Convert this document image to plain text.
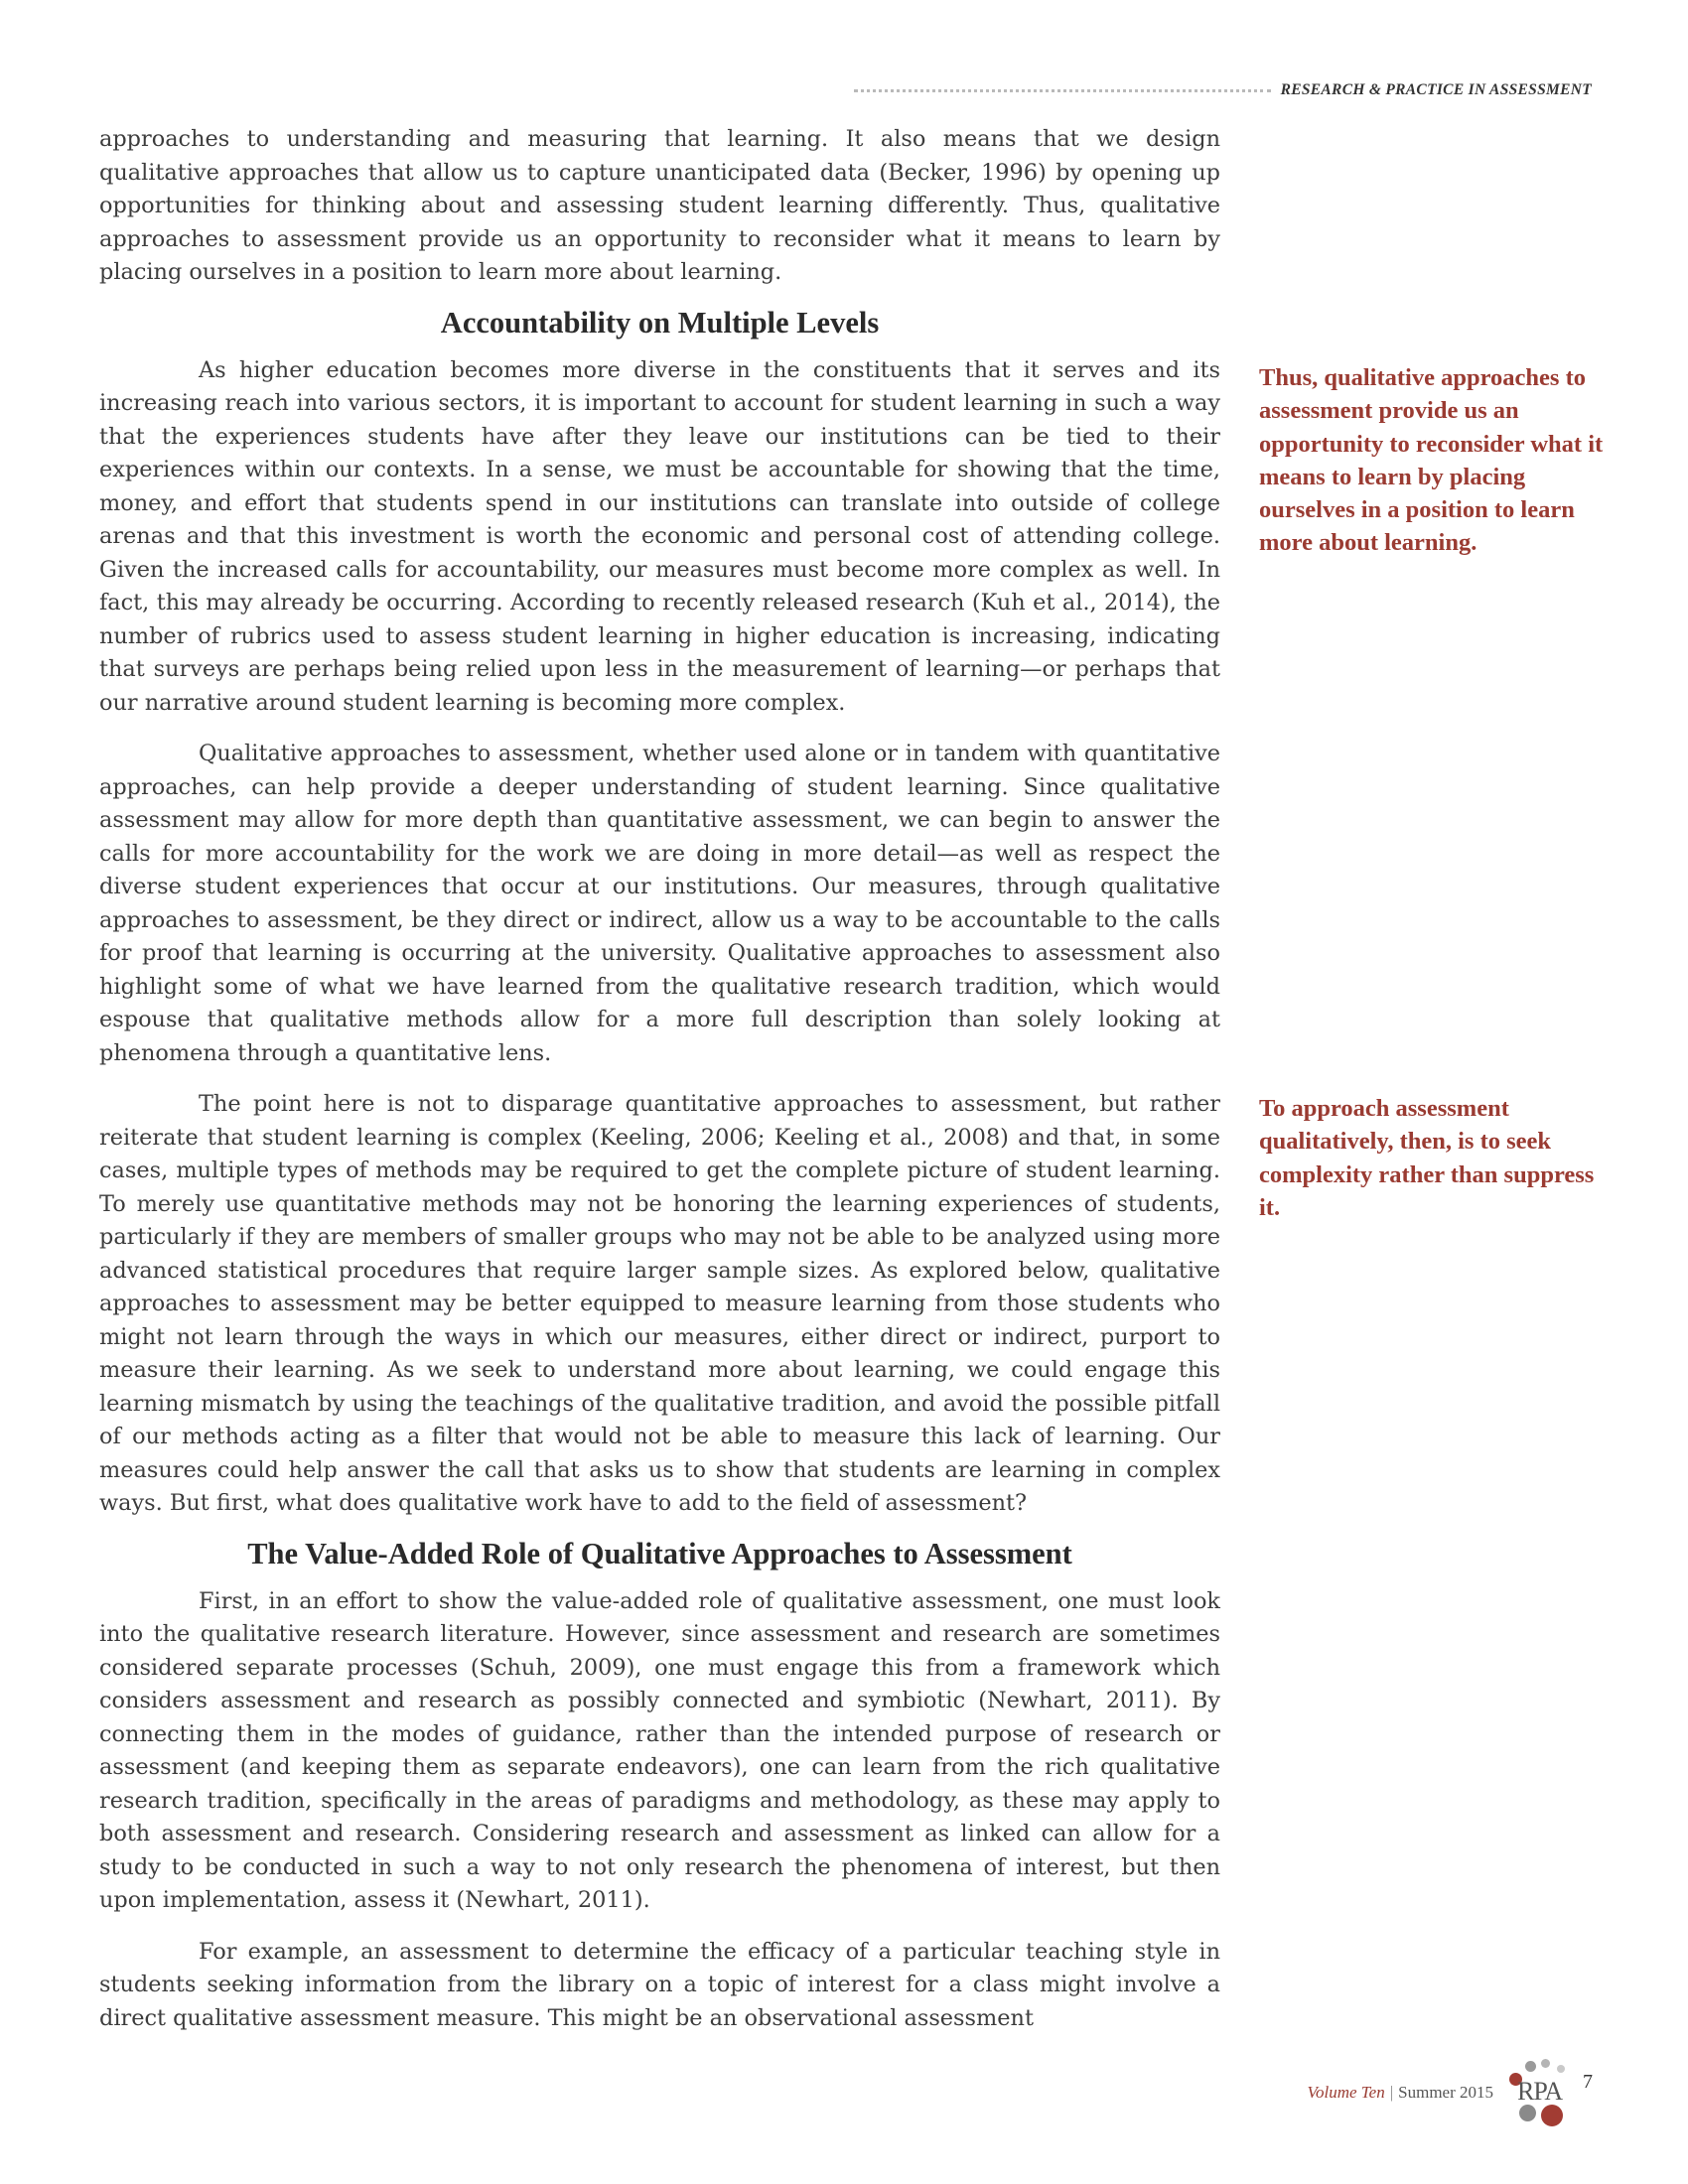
RESEARCH & PRACTICE IN ASSESSMENT

approaches to understanding and measuring that learning. It also means that we design qualitative approaches that allow us to capture unanticipated data (Becker, 1996) by opening up opportunities for thinking about and assessing student learning differently. Thus, qualitative approaches to assessment provide us an opportunity to reconsider what it means to learn by placing ourselves in a position to learn more about learning.

Accountability on Multiple Levels

As higher education becomes more diverse in the constituents that it serves and its increasing reach into various sectors, it is important to account for student learning in such a way that the experiences students have after they leave our institutions can be tied to their experiences within our contexts. In a sense, we must be accountable for showing that the time, money, and effort that students spend in our institutions can translate into outside of college arenas and that this investment is worth the economic and personal cost of attending college. Given the increased calls for accountability, our measures must become more complex as well. In fact, this may already be occurring. According to recently released research (Kuh et al., 2014), the number of rubrics used to assess student learning in higher education is increasing, indicating that surveys are perhaps being relied upon less in the measurement of learning—or perhaps that our narrative around student learning is becoming more complex.

Qualitative approaches to assessment, whether used alone or in tandem with quantitative approaches, can help provide a deeper understanding of student learning. Since qualitative assessment may allow for more depth than quantitative assessment, we can begin to answer the calls for more accountability for the work we are doing in more detail—as well as respect the diverse student experiences that occur at our institutions. Our measures, through qualitative approaches to assessment, be they direct or indirect, allow us a way to be accountable to the calls for proof that learning is occurring at the university. Qualitative approaches to assessment also highlight some of what we have learned from the qualitative research tradition, which would espouse that qualitative methods allow for a more full description than solely looking at phenomena through a quantitative lens.

The point here is not to disparage quantitative approaches to assessment, but rather reiterate that student learning is complex (Keeling, 2006; Keeling et al., 2008) and that, in some cases, multiple types of methods may be required to get the complete picture of student learning. To merely use quantitative methods may not be honoring the learning experiences of students, particularly if they are members of smaller groups who may not be able to be analyzed using more advanced statistical procedures that require larger sample sizes. As explored below, qualitative approaches to assessment may be better equipped to measure learning from those students who might not learn through the ways in which our measures, either direct or indirect, purport to measure their learning. As we seek to understand more about learning, we could engage this learning mismatch by using the teachings of the qualitative tradition, and avoid the possible pitfall of our methods acting as a filter that would not be able to measure this lack of learning. Our measures could help answer the call that asks us to show that students are learning in complex ways. But first, what does qualitative work have to add to the field of assessment?

The Value-Added Role of Qualitative Approaches to Assessment

First, in an effort to show the value-added role of qualitative assessment, one must look into the qualitative research literature. However, since assessment and research are sometimes considered separate processes (Schuh, 2009), one must engage this from a framework which considers assessment and research as possibly connected and symbiotic (Newhart, 2011). By connecting them in the modes of guidance, rather than the intended purpose of research or assessment (and keeping them as separate endeavors), one can learn from the rich qualitative research tradition, specifically in the areas of paradigms and methodology, as these may apply to both assessment and research. Considering research and assessment as linked can allow for a study to be conducted in such a way to not only research the phenomena of interest, but then upon implementation, assess it (Newhart, 2011).

For example, an assessment to determine the efficacy of a particular teaching style in students seeking information from the library on a topic of interest for a class might involve a direct qualitative assessment measure. This might be an observational assessment

Thus, qualitative approaches to assessment provide us an opportunity to reconsider what it means to learn by placing ourselves in a position to learn more about learning.
To approach assessment qualitatively, then, is to seek complexity rather than suppress it.
Volume Ten | Summer 2015 RPA 7
